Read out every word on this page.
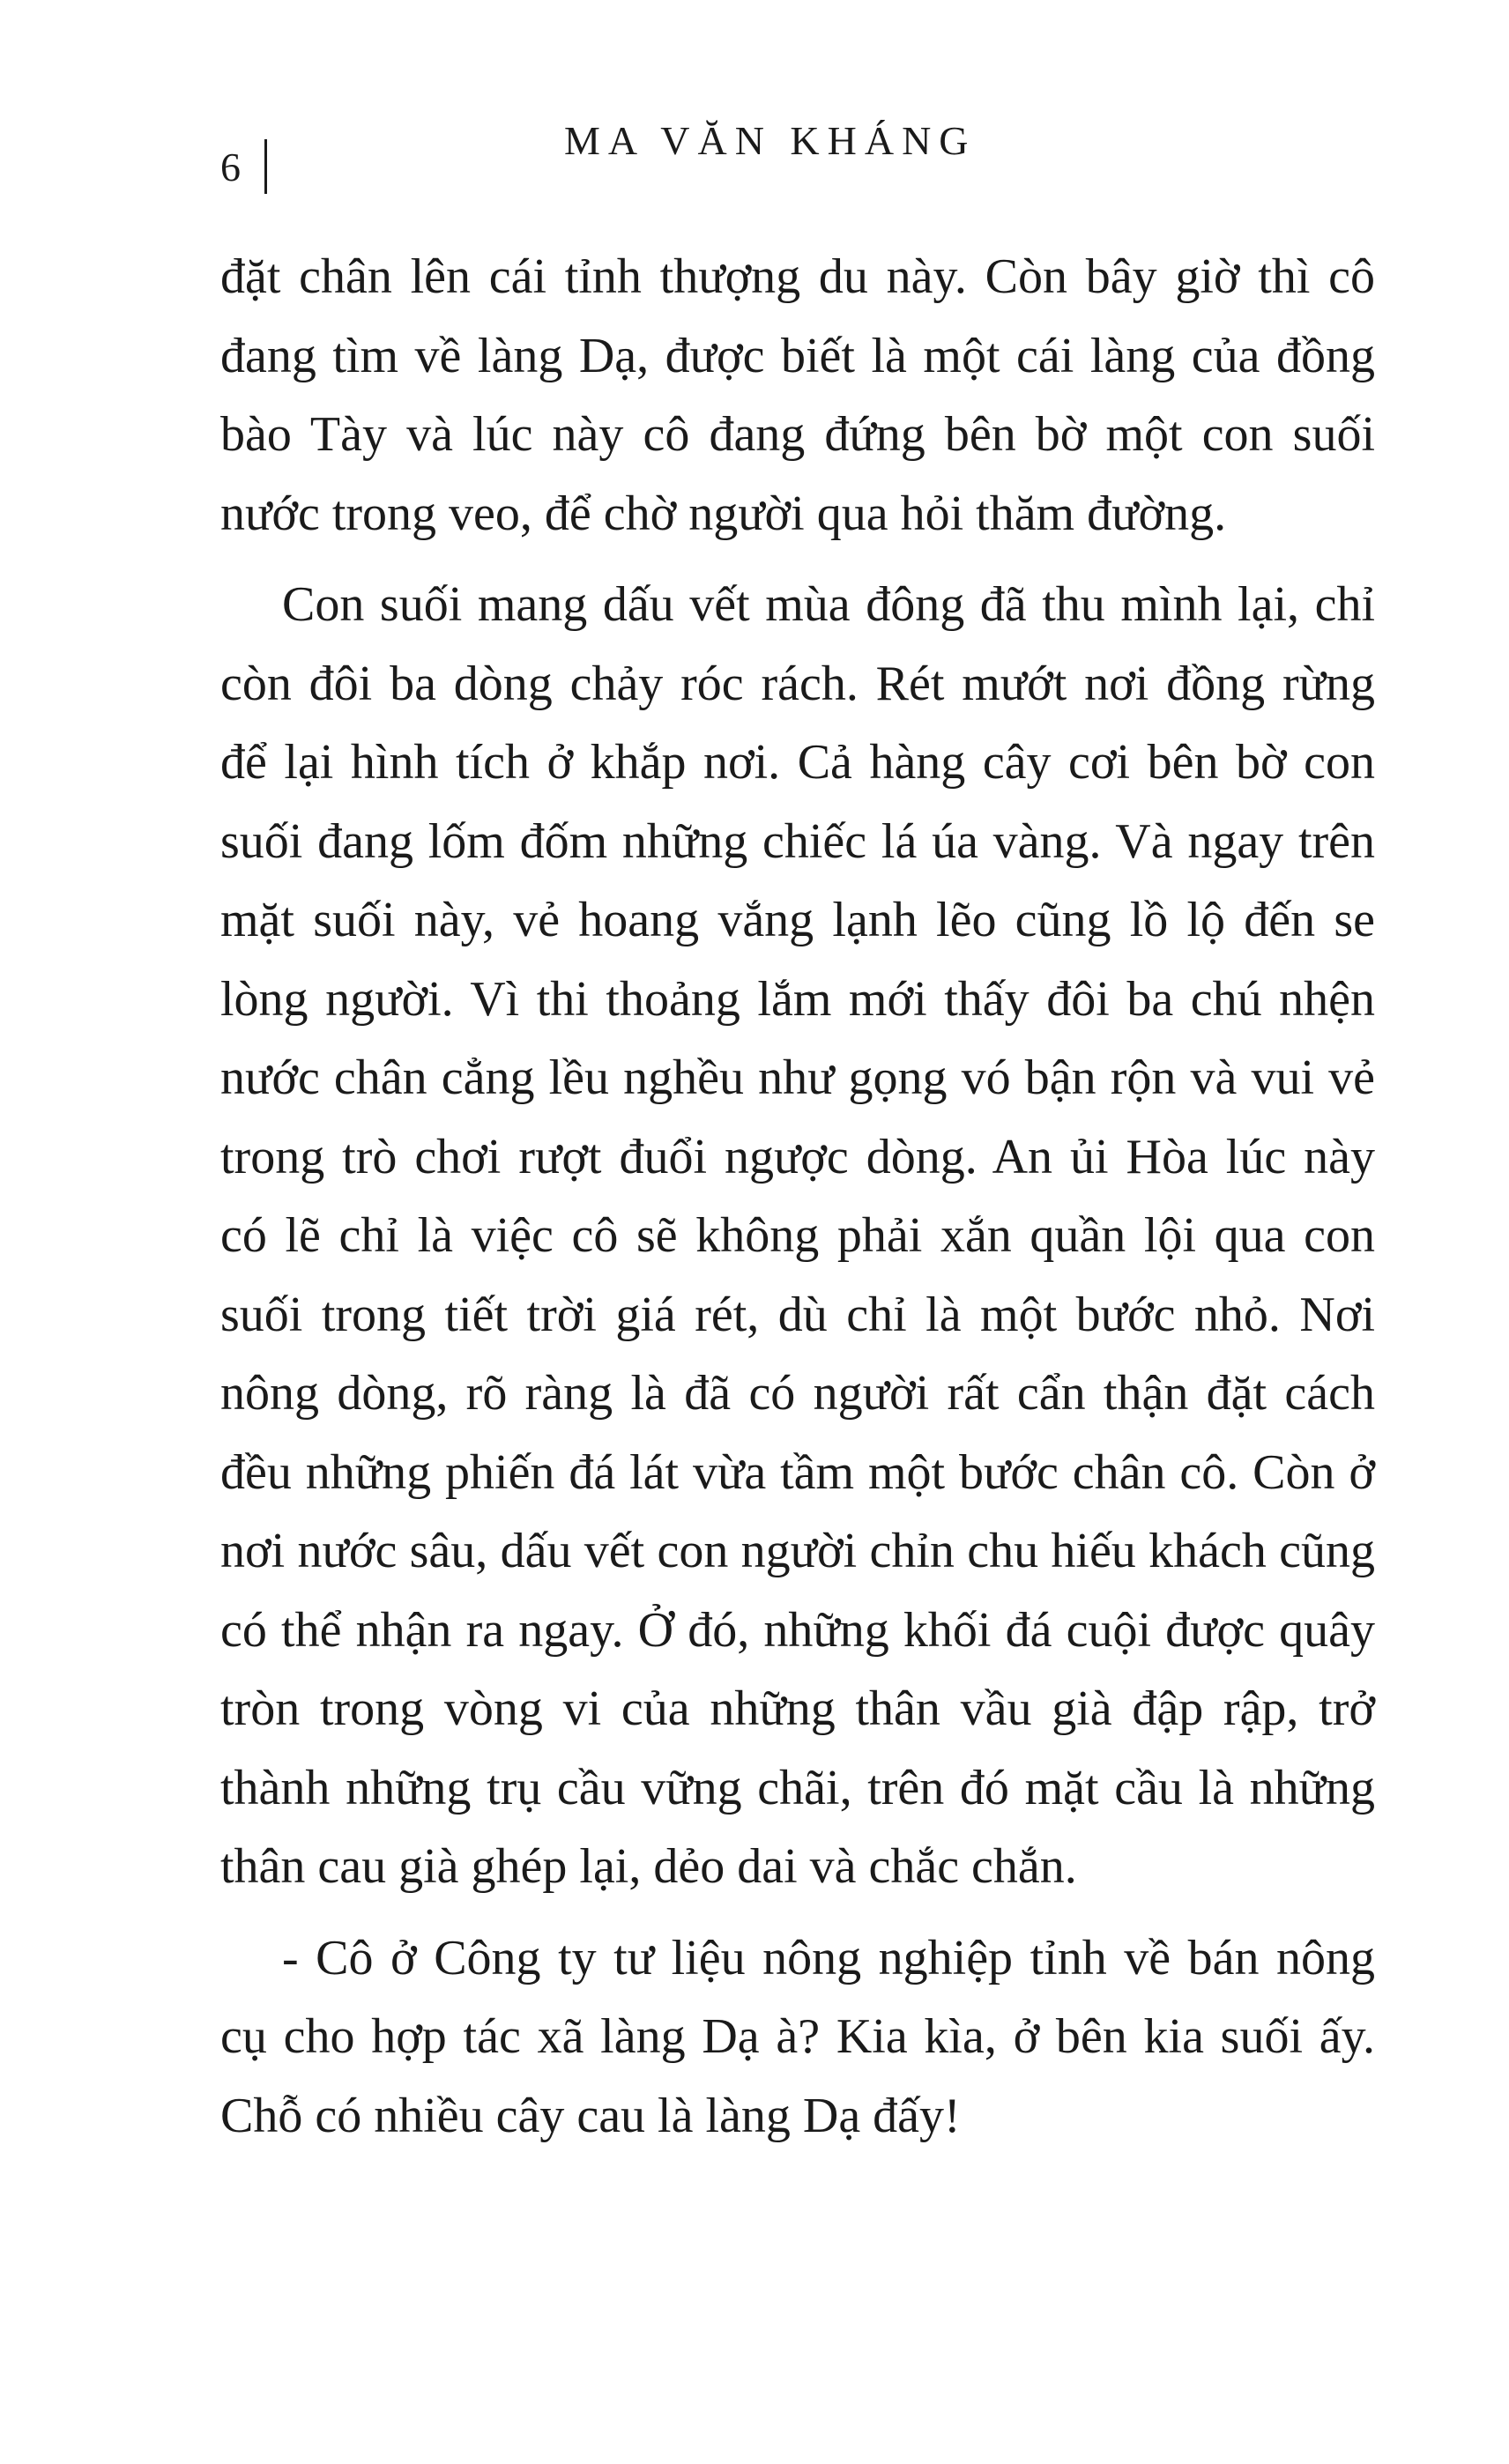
6
MA VĂN KHÁNG

đặt chân lên cái tỉnh thượng du này. Còn bây giờ thì cô đang tìm về làng Dạ, được biết là một cái làng của đồng bào Tày và lúc này cô đang đứng bên bờ một con suối nước trong veo, để chờ người qua hỏi thăm đường.

Con suối mang dấu vết mùa đông đã thu mình lại, chỉ còn đôi ba dòng chảy róc rách. Rét mướt nơi đồng rừng để lại hình tích ở khắp nơi. Cả hàng cây cơi bên bờ con suối đang lốm đốm những chiếc lá úa vàng. Và ngay trên mặt suối này, vẻ hoang vắng lạnh lẽo cũng lồ lộ đến se lòng người. Vì thi thoảng lắm mới thấy đôi ba chú nhện nước chân cẳng lều nghều như gọng vó bận rộn và vui vẻ trong trò chơi rượt đuổi ngược dòng. An ủi Hòa lúc này có lẽ chỉ là việc cô sẽ không phải xắn quần lội qua con suối trong tiết trời giá rét, dù chỉ là một bước nhỏ. Nơi nông dòng, rõ ràng là đã có người rất cẩn thận đặt cách đều những phiến đá lát vừa tầm một bước chân cô. Còn ở nơi nước sâu, dấu vết con người chỉn chu hiếu khách cũng có thể nhận ra ngay. Ở đó, những khối đá cuội được quây tròn trong vòng vi của những thân vầu già đập rập, trở thành những trụ cầu vững chãi, trên đó mặt cầu là những thân cau già ghép lại, dẻo dai và chắc chắn.

- Cô ở Công ty tư liệu nông nghiệp tỉnh về bán nông cụ cho hợp tác xã làng Dạ à? Kia kìa, ở bên kia suối ấy. Chỗ có nhiều cây cau là làng Dạ đấy!
